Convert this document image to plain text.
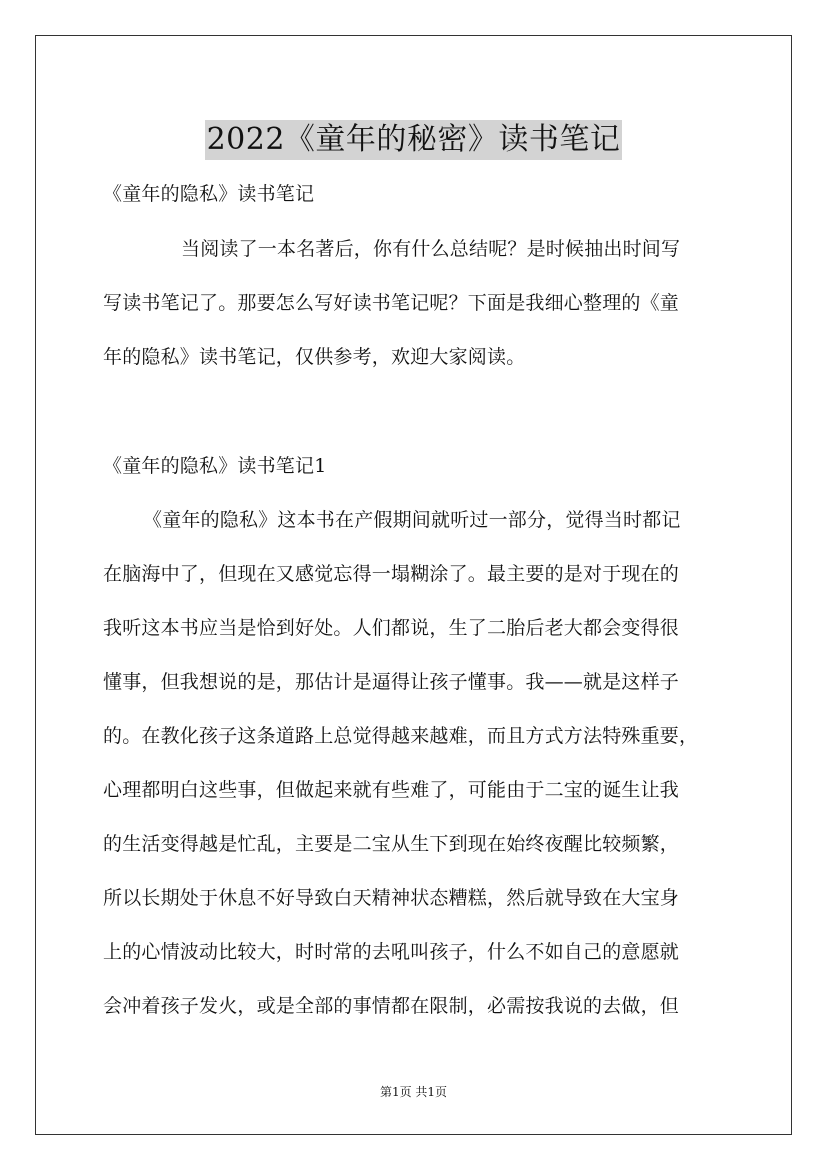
2022《童年的秘密》读书笔记
《童年的隐私》读书笔记
当阅读了一本名著后，你有什么总结呢？是时候抽出时间写
写读书笔记了。那要怎么写好读书笔记呢？下面是我细心整理的《童
年的隐私》读书笔记，仅供参考，欢迎大家阅读。
《童年的隐私》读书笔记1
《童年的隐私》这本书在产假期间就听过一部分，觉得当时都记
在脑海中了，但现在又感觉忘得一塌糊涂了。最主要的是对于现在的
我听这本书应当是恰到好处。人们都说，生了二胎后老大都会变得很
懂事，但我想说的是，那估计是逼得让孩子懂事。我——就是这样子
的。在教化孩子这条道路上总觉得越来越难，而且方式方法特殊重要，
心理都明白这些事，但做起来就有些难了，可能由于二宝的诞生让我
的生活变得越是忙乱，主要是二宝从生下到现在始终夜醒比较频繁，
所以长期处于休息不好导致白天精神状态糟糕，然后就导致在大宝身
上的心情波动比较大，时时常的去吼叫孩子，什么不如自己的意愿就
会冲着孩子发火，或是全部的事情都在限制，必需按我说的去做，但
第1页 共1页
